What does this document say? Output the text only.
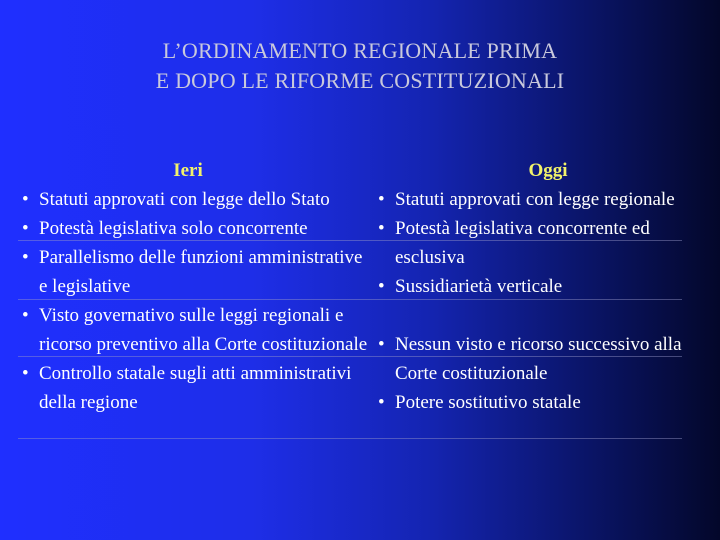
L’ORDINAMENTO REGIONALE PRIMA
E DOPO LE RIFORME COSTITUZIONALI
Ieri
• Statuti approvati con legge dello Stato
• Potestà legislativa solo concorrente
• Parallelismo delle funzioni amministrative e legislative
• Visto governativo sulle leggi regionali e ricorso preventivo alla Corte costituzionale
• Controllo statale sugli atti amministrativi della regione
Oggi
• Statuti approvati con legge regionale
• Potestà legislativa concorrente ed esclusiva
• Sussidiarietà verticale
• Nessun visto e ricorso successivo alla Corte costituzionale
• Potere sostitutivo statale
